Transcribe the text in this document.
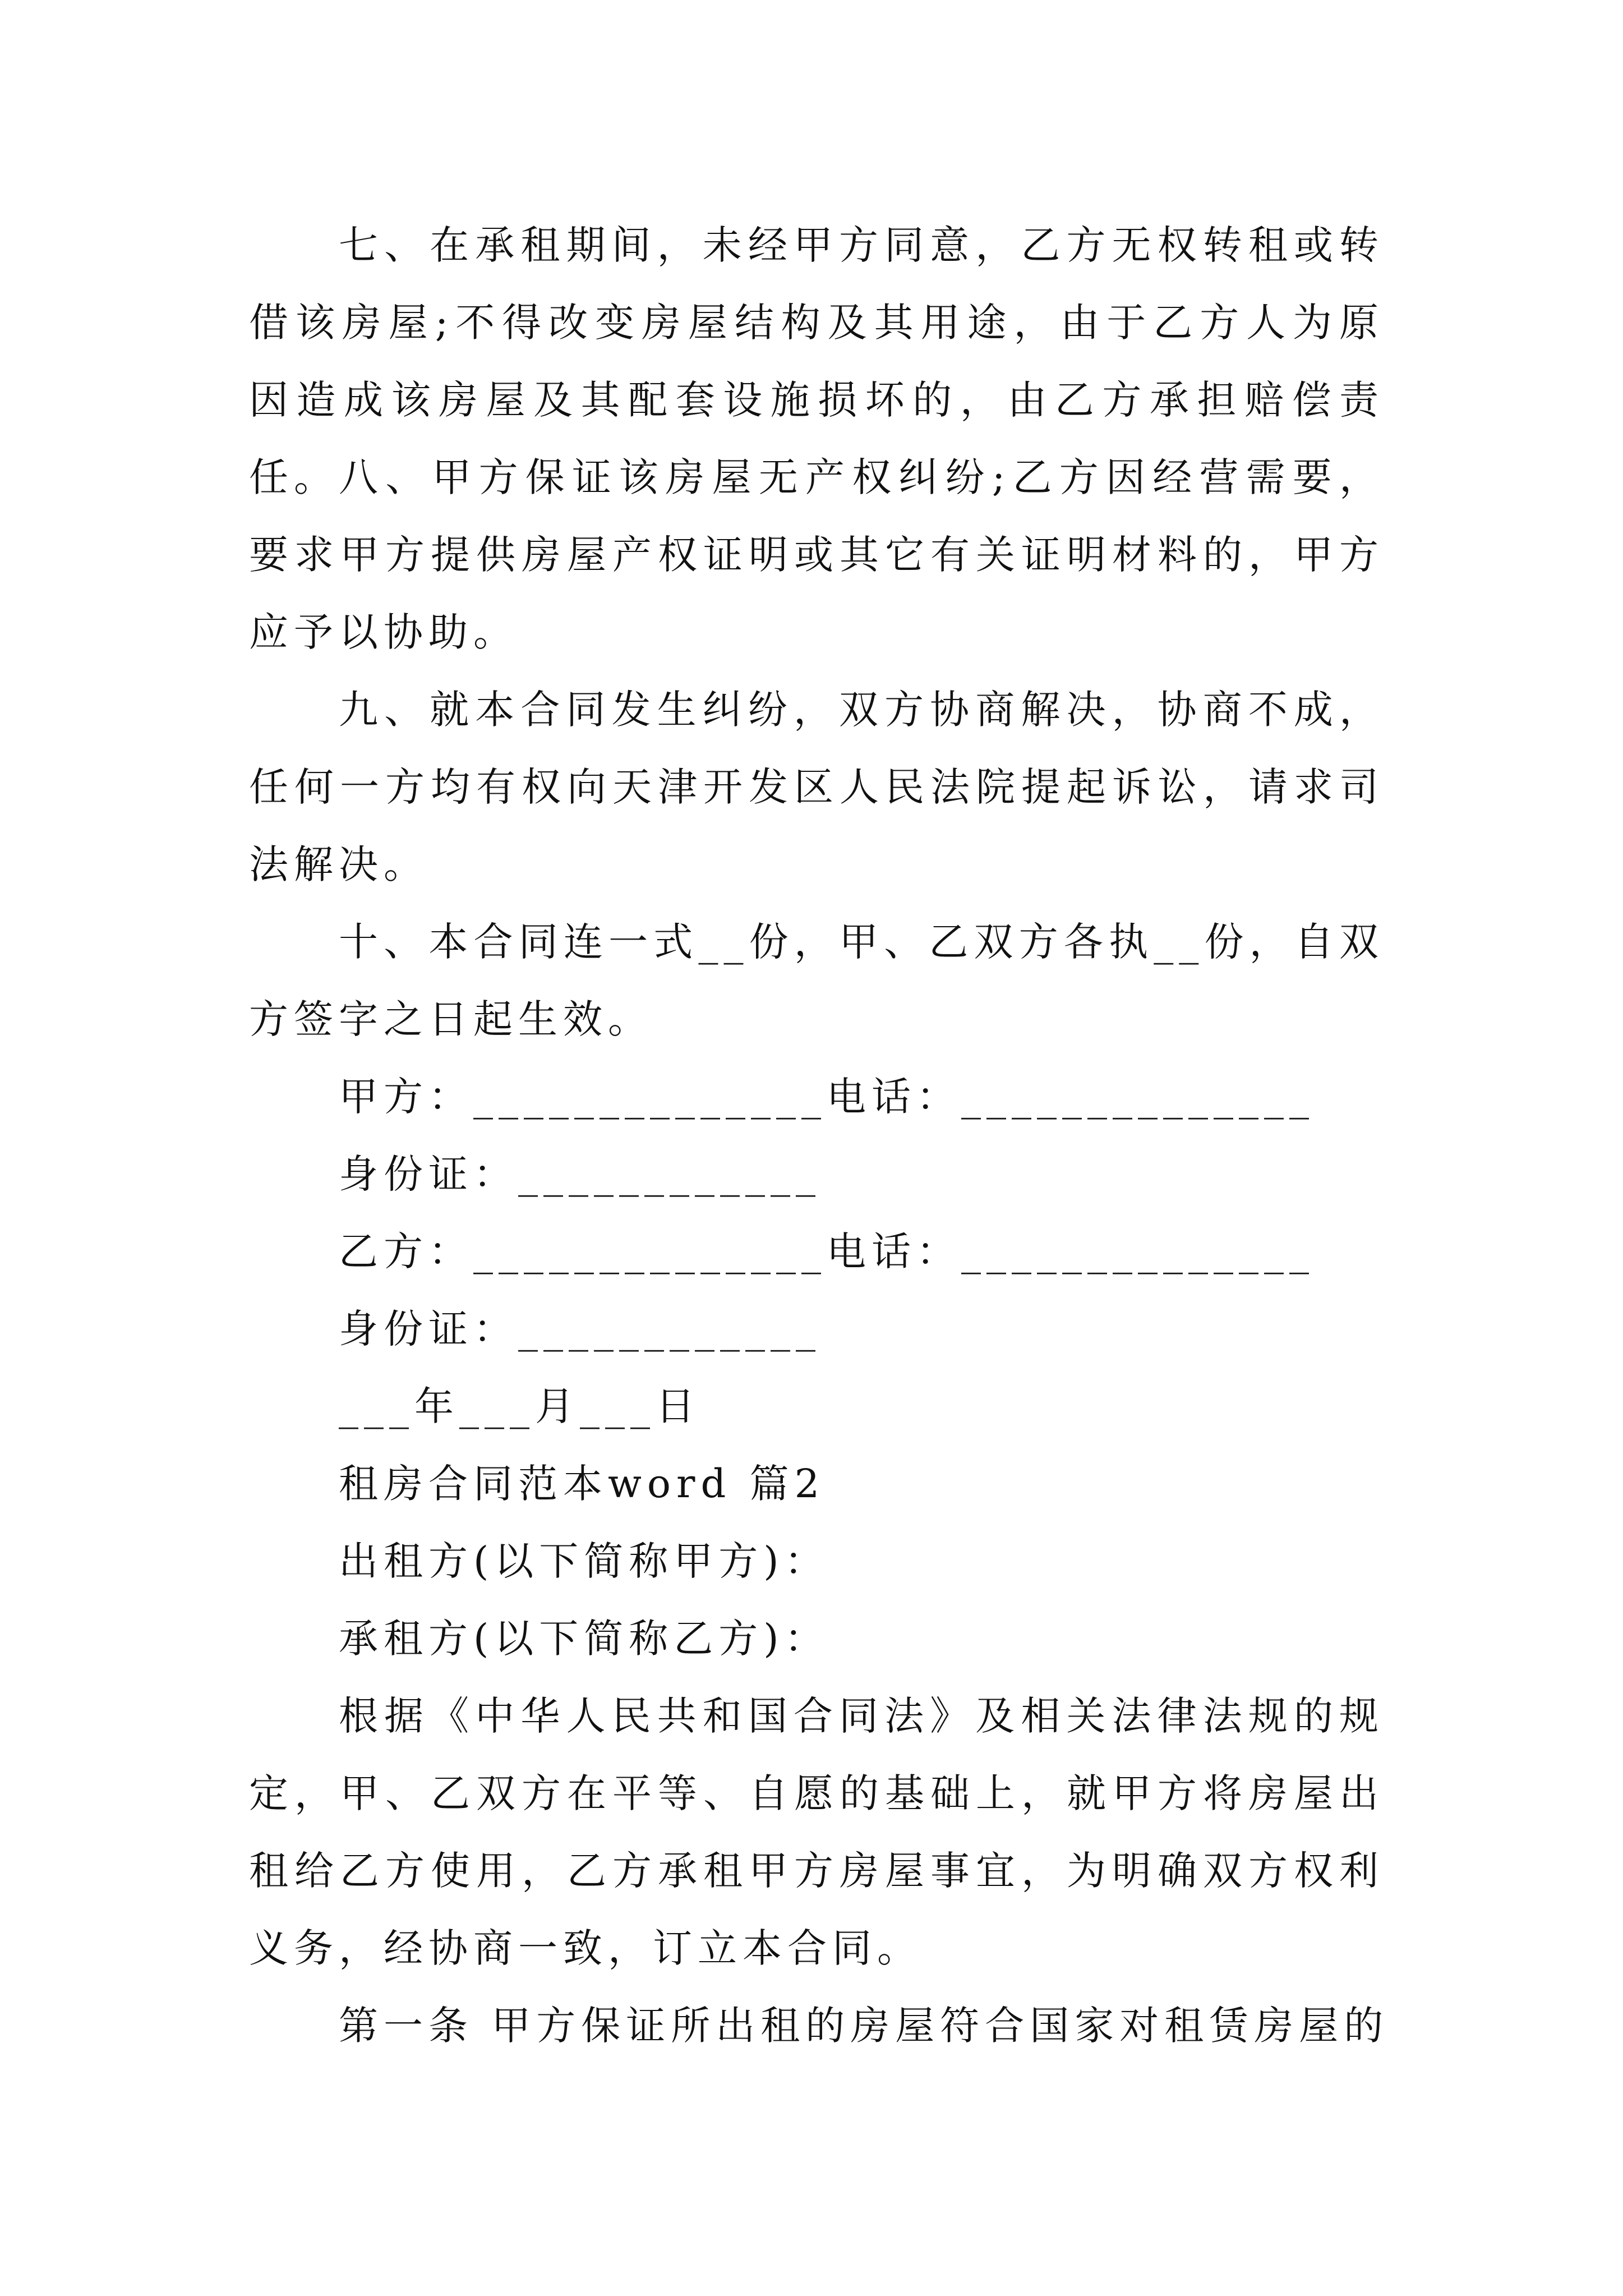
七、在承租期间，未经甲方同意，乙方无权转租或转借该房屋;不得改变房屋结构及其用途，由于乙方人为原因造成该房屋及其配套设施损坏的，由乙方承担赔偿责任。 八、甲方保证该房屋无产权纠纷;乙方因经营需要，要求甲方提供房屋产权证明或其它有关证明材料的，甲方应予以协助。

九、就本合同发生纠纷，双方协商解决，协商不成，任何一方均有权向天津开发区人民法院提起诉讼，请求司法解决。

十、本合同连一式__份，甲、乙双方各执__份，自双方签字之日起生效。

甲方：______________电话：______________
身份证：____________
乙方：______________电话：______________
身份证：____________
___年___月___日
租房合同范本word 篇2
出租方(以下简称甲方)：
承租方(以下简称乙方)：

根据《中华人民共和国合同法》及相关法律法规的规定，甲、乙双方在平等、自愿的基础上，就甲方将房屋出租给乙方使用，乙方承租甲方房屋事宜，为明确双方权利义务，经协商一致，订立本合同。

第一条 甲方保证所出租的房屋符合国家对租赁房屋的
